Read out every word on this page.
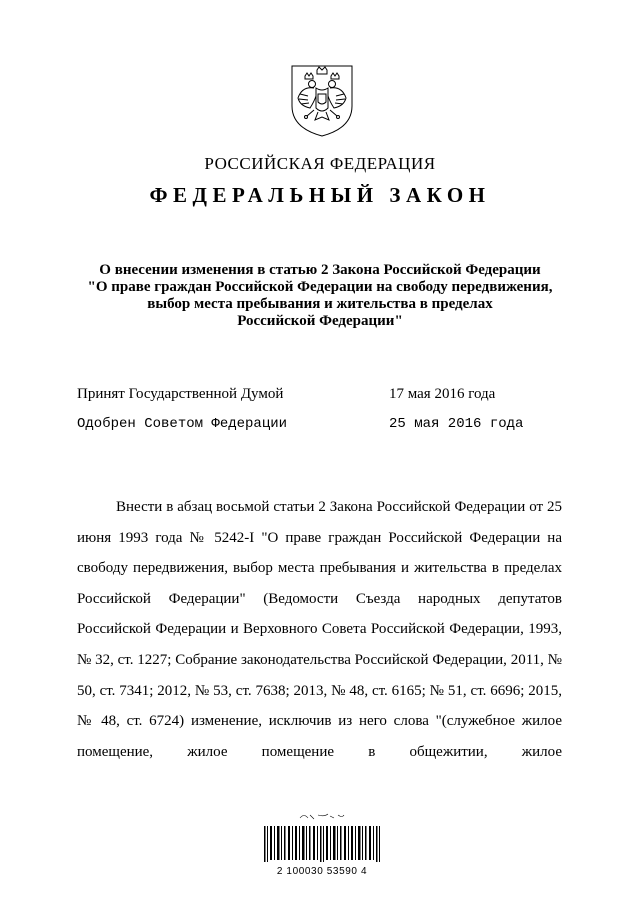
РОССИЙСКАЯ ФЕДЕРАЦИЯ
ФЕДЕРАЛЬНЫЙ ЗАКОН
О внесении изменения в статью 2 Закона Российской Федерации
"О праве граждан Российской Федерации на свободу передвижения,
выбор места пребывания и жительства в пределах
Российской Федерации"
Принят Государственной Думой	17 мая 2016 года
Одобрен Советом Федерации	25 мая 2016 года

Внести в абзац восьмой статьи 2 Закона Российской Федерации от 25 июня 1993 года № 5242-I "О праве граждан Российской Федерации на свободу передвижения, выбор места пребывания и жительства в пределах Российской Федерации" (Ведомости Съезда народных депутатов Российской Федерации и Верховного Совета Российской Федерации, 1993, № 32, ст. 1227; Собрание законодательства Российской Федерации, 2011, № 50, ст. 7341; 2012, № 53, ст. 7638; 2013, № 48, ст. 6165; № 51, ст. 6696; 2015, № 48, ст. 6724) изменение, исключив из него слова "(служебное жилое помещение, жилое помещение в общежитии, жилое

2 100030 53590 4
